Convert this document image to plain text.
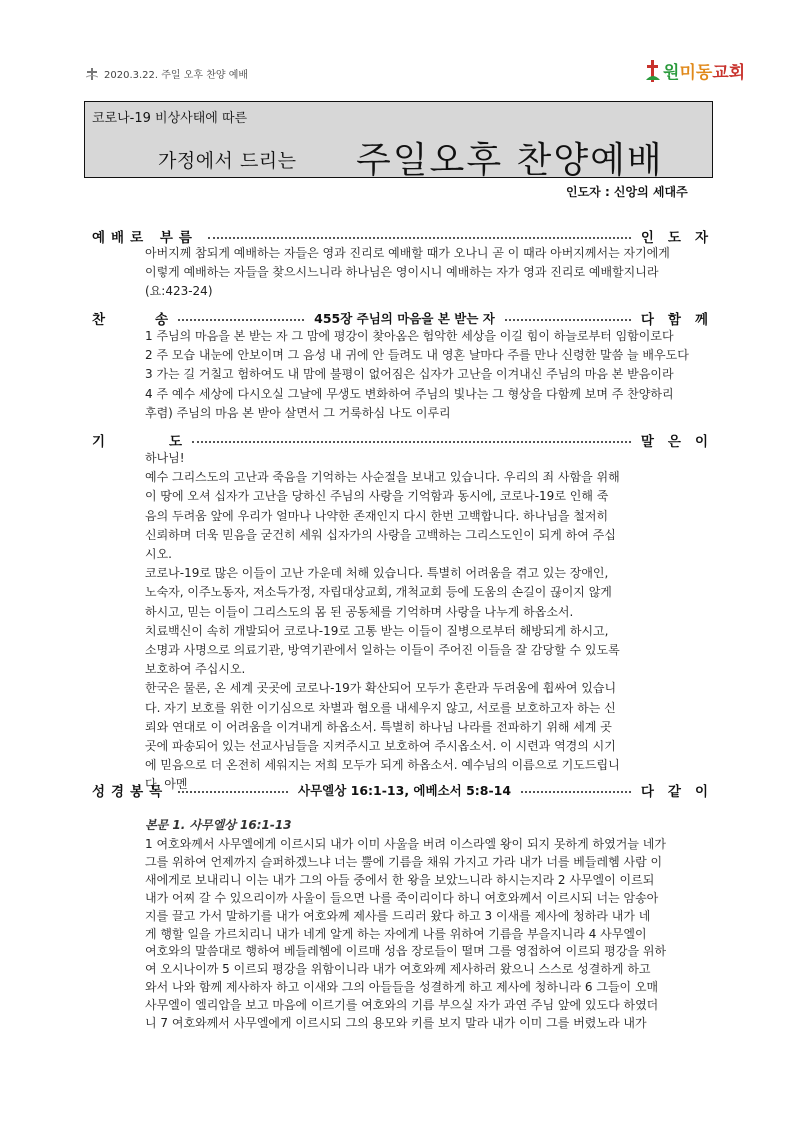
2020.3.22. 주일 오후 찬양 예배	원미동교회
코로나-19 비상사태에 따른
가정에서 드리는 주일오후 찬양예배
인도자 : 신앙의 세대주
예배로 부름	인도자

아버지께 참되게 예배하는 자들은 영과 진리로 예배할 때가 오나니 곧 이 때라 아버지께서는 자기에게

이렇게 예배하는 자들을 찾으시느니라 하나님은 영이시니 예배하는 자가 영과 진리로 예배할지니라

(요:423-24)

찬	송	455장 주님의 마음을 본 받는 자	다함께

1 주님의 마음을 본 받는 자 그 맘에 평강이 찾아옴은 험악한 세상을 이길 힘이 하늘로부터 임함이로다

2 주 모습 내눈에 안보이며 그 음성 내 귀에 안 들려도 내 영혼 날마다 주를 만나 신령한 말씀 늘 배우도다

3 가는 길 거칠고 험하여도 내 맘에 불평이 없어짐은 십자가 고난을 이겨내신 주님의 마음 본 받음이라

4 주 예수 세상에 다시오실 그날에 무생도 변화하여 주님의 빛나는 그 형상을 다함께 보며 주 찬양하리

후렴) 주님의 마음 본 받아 살면서 그 거룩하심 나도 이루리

기	도	말은이

하나님!

예수 그리스도의 고난과 죽음을 기억하는 사순절을 보내고 있습니다. 우리의 죄 사함을 위해

이 땅에 오셔 십자가 고난을 당하신 주님의 사랑을 기억함과 동시에, 코로나-19로 인해 죽

음의 두려움 앞에 우리가 얼마나 나약한 존재인지 다시 한번 고백합니다. 하나님을 철저히

신뢰하며 더욱 믿음을 굳건히 세워 십자가의 사랑을 고백하는 그리스도인이 되게 하여 주십

시오.

코로나-19로 많은 이들이 고난 가운데 처해 있습니다. 특별히 어려움을 겪고 있는 장애인,

노숙자, 이주노동자, 저소득가정, 자립대상교회, 개척교회 등에 도움의 손길이 끊이지 않게

하시고, 믿는 이들이 그리스도의 몸 된 공동체를 기억하며 사랑을 나누게 하옵소서.

치료백신이 속히 개발되어 코로나-19로 고통 받는 이들이 질병으로부터 해방되게 하시고,

소명과 사명으로 의료기관, 방역기관에서 일하는 이들이 주어진 이들을 잘 감당할 수 있도록

보호하여 주십시오.

한국은 물론, 온 세계 곳곳에 코로나-19가 확산되어 모두가 혼란과 두려움에 휩싸여 있습니

다. 자기 보호를 위한 이기심으로 차별과 혐오를 내세우지 않고, 서로를 보호하고자 하는 신

뢰와 연대로 이 어려움을 이겨내게 하옵소서. 특별히 하나님 나라를 전파하기 위해 세계 곳

곳에 파송되어 있는 선교사님들을 지켜주시고 보호하여 주시옵소서. 이 시련과 역경의 시기

에 믿음으로 더 온전히 세워지는 저희 모두가 되게 하옵소서. 예수님의 이름으로 기도드립니

다. 아멘

성경봉독	사무엘상 16:1-13, 에베소서 5:8-14	다같이
본문 1. 사무엘상 16:1-13

1 여호와께서 사무엘에게 이르시되 내가 이미 사울을 버려 이스라엘 왕이 되지 못하게 하였거늘 네가

그를 위하여 언제까지 슬퍼하겠느냐 너는 뿔에 기름을 채워 가지고 가라 내가 너를 베들레헴 사람 이

새에게로 보내리니 이는 내가 그의 아들 중에서 한 왕을 보았느니라 하시는지라 2 사무엘이 이르되

내가 어찌 갈 수 있으리이까 사울이 들으면 나를 죽이리이다 하니 여호와께서 이르시되 너는 암송아

지를 끌고 가서 말하기를 내가 여호와께 제사를 드리러 왔다 하고 3 이새를 제사에 청하라 내가 네

게 행할 일을 가르치리니 내가 네게 알게 하는 자에게 나를 위하여 기름을 부을지니라 4 사무엘이

여호와의 말씀대로 행하여 베들레헴에 이르매 성읍 장로들이 떨며 그를 영접하여 이르되 평강을 위하

여 오시나이까 5 이르되 평강을 위함이니라 내가 여호와께 제사하러 왔으니 스스로 성결하게 하고

와서 나와 함께 제사하자 하고 이새와 그의 아들들을 성결하게 하고 제사에 청하니라 6 그들이 오매

사무엘이 엘리압을 보고 마음에 이르기를 여호와의 기름 부으실 자가 과연 주님 앞에 있도다 하였더

니 7 여호와께서 사무엘에게 이르시되 그의 용모와 키를 보지 말라 내가 이미 그를 버렸노라 내가
